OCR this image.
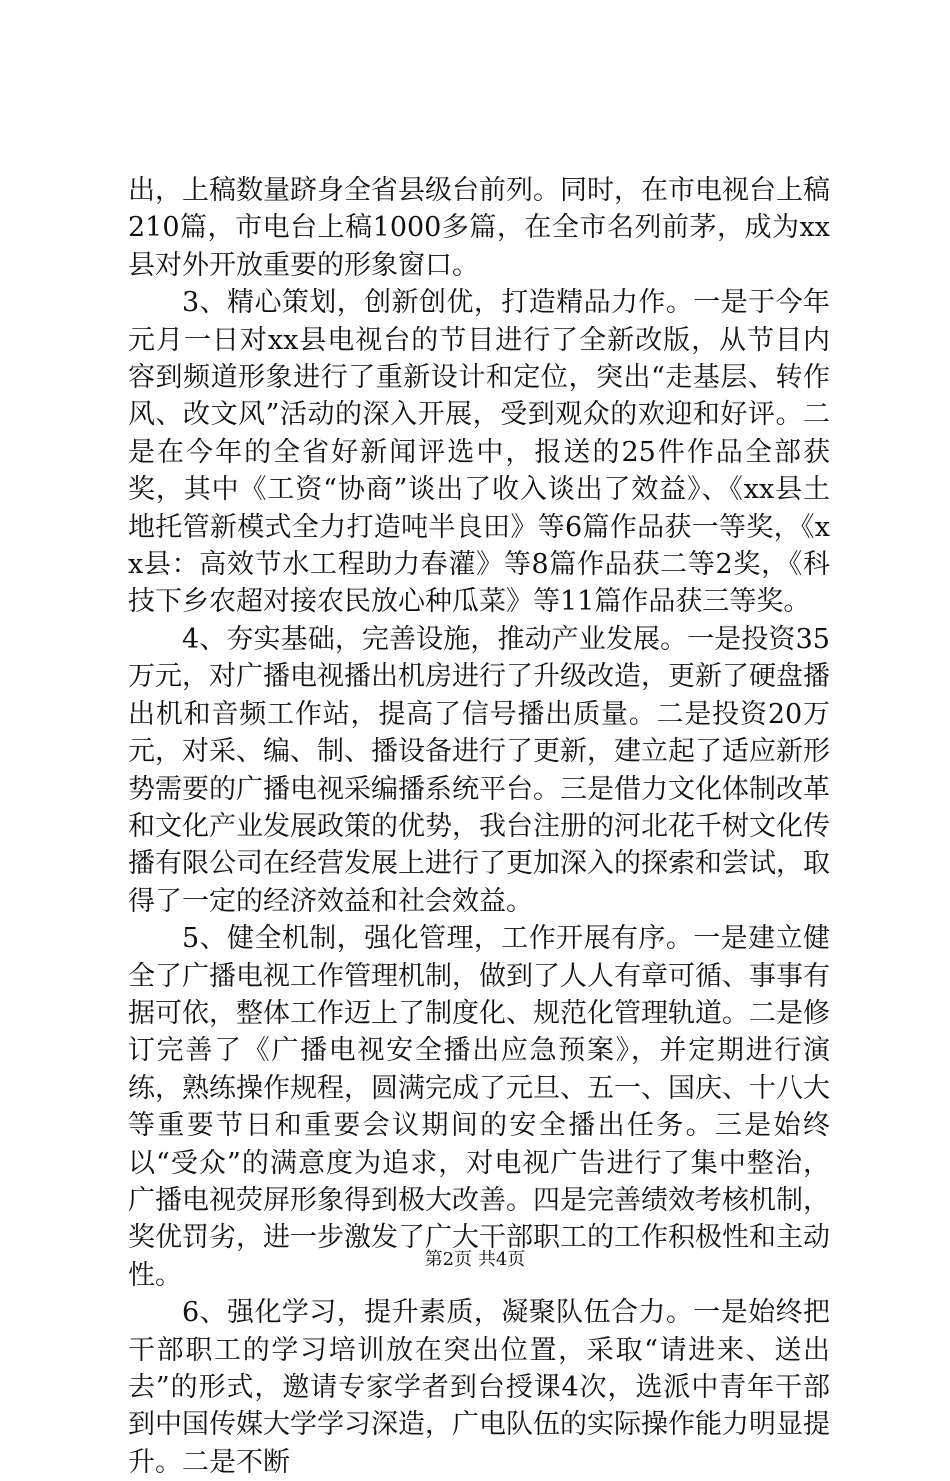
出，上稿数量跻身全省县级台前列。同时，在市电视台上稿210篇，市电台上稿1000多篇，在全市名列前茅，成为xx县对外开放重要的形象窗口。

3、精心策划，创新创优，打造精品力作。一是于今年元月一日对xx县电视台的节目进行了全新改版，从节目内容到频道形象进行了重新设计和定位，突出“走基层、转作风、改文风”活动的深入开展，受到观众的欢迎和好评。二是在今年的全省好新闻评选中，报送的25件作品全部获奖，其中《工资“协商”谈出了收入谈出了效益》、《xx县土地托管新模式全力打造吨半良田》等6篇作品获一等奖，《xx县：高效节水工程助力春灌》等8篇作品获二等2奖，《科技下乡农超对接农民放心种瓜菜》等11篇作品获三等奖。

4、夯实基础，完善设施，推动产业发展。一是投资35万元，对广播电视播出机房进行了升级改造，更新了硬盘播出机和音频工作站，提高了信号播出质量。二是投资20万元，对采、编、制、播设备进行了更新，建立起了适应新形势需要的广播电视采编播系统平台。三是借力文化体制改革和文化产业发展政策的优势，我台注册的河北花千树文化传播有限公司在经营发展上进行了更加深入的探索和尝试，取得了一定的经济效益和社会效益。

5、健全机制，强化管理，工作开展有序。一是建立健全了广播电视工作管理机制，做到了人人有章可循、事事有据可依，整体工作迈上了制度化、规范化管理轨道。二是修订完善了《广播电视安全播出应急预案》，并定期进行演练，熟练操作规程，圆满完成了元旦、五一、国庆、十八大等重要节日和重要会议期间的安全播出任务。三是始终以“受众”的满意度为追求，对电视广告进行了集中整治，广播电视荧屏形象得到极大改善。四是完善绩效考核机制，奖优罚劣，进一步激发了广大干部职工的工作积极性和主动性。

6、强化学习，提升素质，凝聚队伍合力。一是始终把干部职工的学习培训放在突出位置，采取“请进来、送出去”的形式，邀请专家学者到台授课4次，选派中青年干部到中国传媒大学学习深造，广电队伍的实际操作能力明显提升。二是不断

第2页 共4页
